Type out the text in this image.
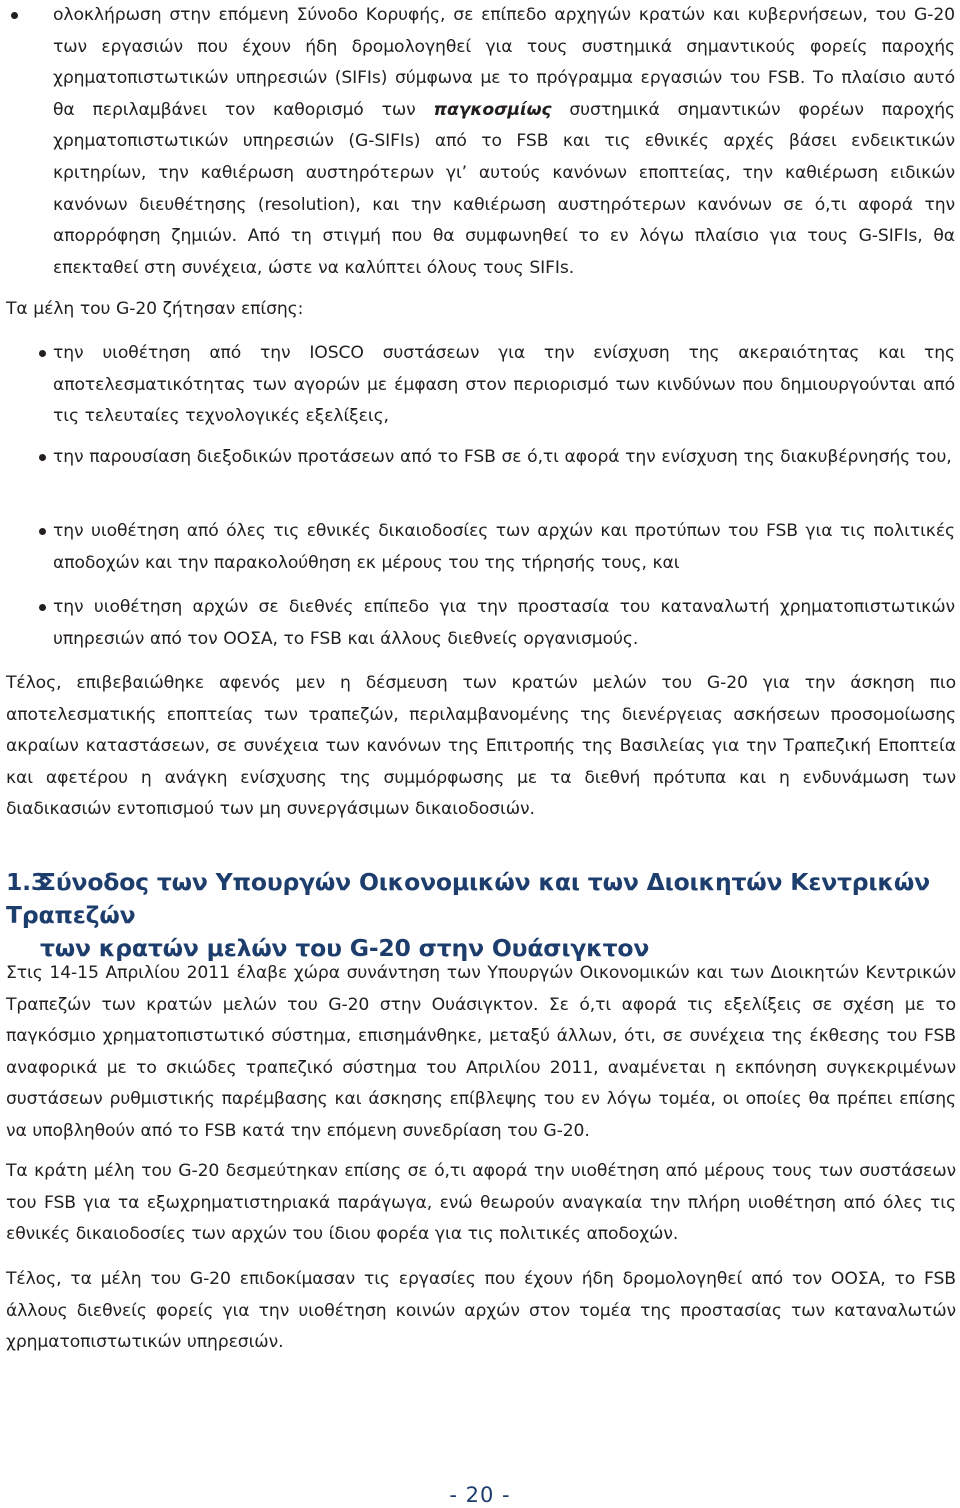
ολοκλήρωση στην επόμενη Σύνοδο Κορυφής, σε επίπεδο αρχηγών κρατών και κυβερνήσεων, του G-20 των εργασιών που έχουν ήδη δρομολογηθεί για τους συστημικά σημαντικούς φορείς παροχής χρηματοπιστωτικών υπηρεσιών (SIFIs) σύμφωνα με το πρόγραμμα εργασιών του FSB. Το πλαίσιο αυτό θα περιλαμβάνει τον καθορισμό των παγκοσμίως συστημικά σημαντικών φορέων παροχής χρηματοπιστωτικών υπηρεσιών (G-SIFIs) από το FSB και τις εθνικές αρχές βάσει ενδεικτικών κριτηρίων, την καθιέρωση αυστηρότερων γι’ αυτούς κανόνων εποπτείας, την καθιέρωση ειδικών κανόνων διευθέτησης (resolution), και την καθιέρωση αυστηρότερων κανόνων σε ό,τι αφορά την απορρόφηση ζημιών. Από τη στιγμή που θα συμφωνηθεί το εν λόγω πλαίσιο για τους G-SIFIs, θα επεκταθεί στη συνέχεια, ώστε να καλύπτει όλους τους SIFIs.

Τα μέλη του G-20 ζήτησαν επίσης:

την υιοθέτηση από την IOSCO συστάσεων για την ενίσχυση της ακεραιότητας και της αποτελεσματικότητας των αγορών με έμφαση στον περιορισμό των κινδύνων που δημιουργούνται από τις τελευταίες τεχνολογικές εξελίξεις,

την παρουσίαση διεξοδικών προτάσεων από το FSB σε ό,τι αφορά την ενίσχυση της διακυβέρνησής του,

την υιοθέτηση από όλες τις εθνικές δικαιοδοσίες των αρχών και προτύπων του FSB για τις πολιτικές αποδοχών και την παρακολούθηση εκ μέρους του της τήρησής τους, και

την υιοθέτηση αρχών σε διεθνές επίπεδο για την προστασία του καταναλωτή χρηματοπιστωτικών υπηρεσιών από τον ΟΟΣΑ, το FSB και άλλους διεθνείς οργανισμούς.

Τέλος, επιβεβαιώθηκε αφενός μεν η δέσμευση των κρατών μελών του G-20 για την άσκηση πιο αποτελεσματικής εποπτείας των τραπεζών, περιλαμβανομένης της διενέργειας ασκήσεων προσομοίωσης ακραίων καταστάσεων, σε συνέχεια των κανόνων της Επιτροπής της Βασιλείας για την Τραπεζική Εποπτεία και αφετέρου η ανάγκη ενίσχυσης της συμμόρφωσης με τα διεθνή πρότυπα και η ενδυνάμωση των διαδικασιών εντοπισμού των μη συνεργάσιμων δικαιοδοσιών.

1.3Σύνοδος των Υπουργών Οικονομικών και των Διοικητών Κεντρικών Τραπεζών
των κρατών μελών του G-20 στην Ουάσιγκτον

Στις 14-15 Απριλίου 2011 έλαβε χώρα συνάντηση των Υπουργών Οικονομικών και των Διοικητών Κεντρικών Τραπεζών των κρατών μελών του G-20 στην Ουάσιγκτον. Σε ό,τι αφορά τις εξελίξεις σε σχέση με το παγκόσμιο χρηματοπιστωτικό σύστημα, επισημάνθηκε, μεταξύ άλλων, ότι, σε συνέχεια της έκθεσης του FSB αναφορικά με το σκιώδες τραπεζικό σύστημα του Απριλίου 2011, αναμένεται η εκπόνηση συγκεκριμένων συστάσεων ρυθμιστικής παρέμβασης και άσκησης επίβλεψης του εν λόγω τομέα, οι οποίες θα πρέπει επίσης να υποβληθούν από το FSB κατά την επόμενη συνεδρίαση του G-20.

Τα κράτη μέλη του G-20 δεσμεύτηκαν επίσης σε ό,τι αφορά την υιοθέτηση από μέρους τους των συστάσεων του FSB για τα εξωχρηματιστηριακά παράγωγα, ενώ θεωρούν αναγκαία την πλήρη υιοθέτηση από όλες τις εθνικές δικαιοδοσίες των αρχών του ίδιου φορέα για τις πολιτικές αποδοχών.

Τέλος, τα μέλη του G-20 επιδοκίμασαν τις εργασίες που έχουν ήδη δρομολογηθεί από τον ΟΟΣΑ, το FSB άλλους διεθνείς φορείς για την υιοθέτηση κοινών αρχών στον τομέα της προστασίας των καταναλωτών χρηματοπιστωτικών υπηρεσιών.

- 20 -
